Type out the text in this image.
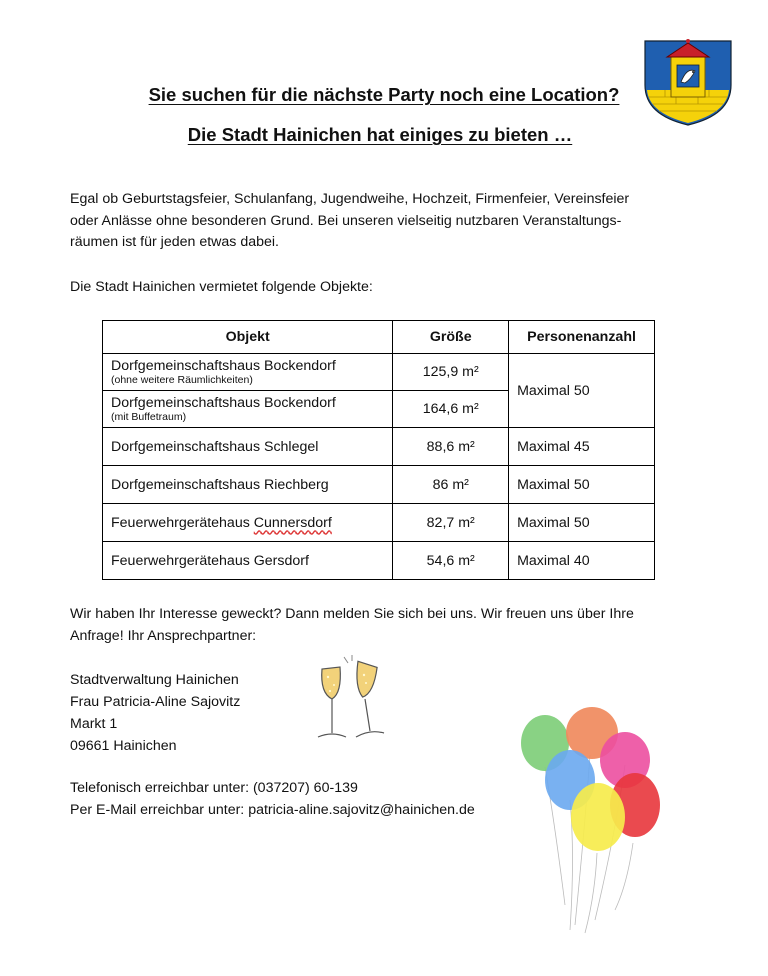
Sie suchen für die nächste Party noch eine Location?
Die Stadt Hainichen hat einiges zu bieten …
Egal ob Geburtstagsfeier, Schulanfang, Jugendweihe, Hochzeit, Firmenfeier, Vereinsfeier
oder Anlässe ohne besonderen Grund. Bei unseren vielseitig nutzbaren Veranstaltungs-
räumen ist für jeden etwas dabei.
Die Stadt Hainichen vermietet folgende Objekte:
Objekt	Größe	Personenanzahl
Dorfgemeinschaftshaus Bockendorf
(ohne weitere Räumlichkeiten)	125,9 m²	Maximal 50
Dorfgemeinschaftshaus Bockendorf
(mit Buffetraum)	164,6 m²	
Dorfgemeinschaftshaus Schlegel	88,6 m²	Maximal 45
Dorfgemeinschaftshaus Riechberg	86 m²	Maximal 50
Feuerwehrgerätehaus Cunnersdorf	82,7 m²	Maximal 50
Feuerwehrgerätehaus Gersdorf	54,6 m²	Maximal 40
Wir haben Ihr Interesse geweckt? Dann melden Sie sich bei uns. Wir freuen uns über Ihre
Anfrage! Ihr Ansprechpartner:
Stadtverwaltung Hainichen
Frau Patricia-Aline Sajovitz
Markt 1
09661 Hainichen
Telefonisch erreichbar unter: (037207) 60-139
Per E-Mail erreichbar unter: patricia-aline.sajovitz@hainichen.de
